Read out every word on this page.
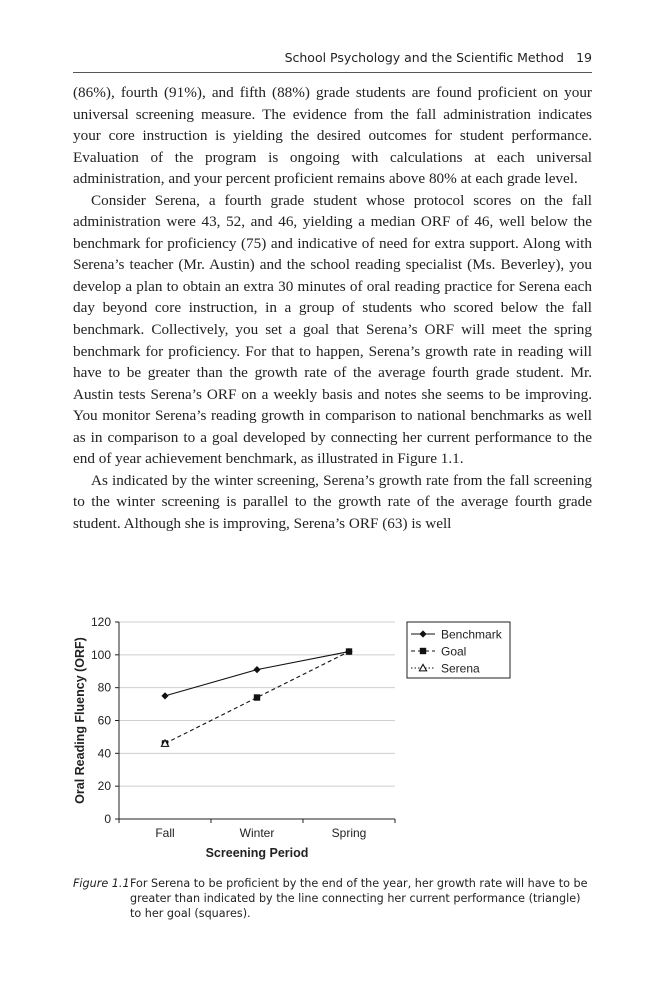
School Psychology and the Scientific Method 19

(86%), fourth (91%), and fifth (88%) grade students are found proficient on your universal screening measure. The evidence from the fall administration indicates your core instruction is yielding the desired outcomes for student performance. Evaluation of the program is ongoing with calculations at each universal administration, and your percent proficient remains above 80% at each grade level.

Consider Serena, a fourth grade student whose protocol scores on the fall administration were 43, 52, and 46, yielding a median ORF of 46, well below the benchmark for proficiency (75) and indicative of need for extra support. Along with Serena’s teacher (Mr. Austin) and the school reading specialist (Ms. Beverley), you develop a plan to obtain an extra 30 minutes of oral reading practice for Serena each day beyond core instruction, in a group of students who scored below the fall benchmark. Collectively, you set a goal that Serena’s ORF will meet the spring benchmark for proficiency. For that to happen, Serena’s growth rate in reading will have to be greater than the growth rate of the average fourth grade student. Mr. Austin tests Serena’s ORF on a weekly basis and notes she seems to be improving. You monitor Serena’s reading growth in comparison to national benchmarks as well as in comparison to a goal developed by connecting her current performance to the end of year achievement benchmark, as illustrated in Figure 1.1.

As indicated by the winter screening, Serena’s growth rate from the fall screening to the winter screening is parallel to the growth rate of the average fourth grade student. Although she is improving, Serena’s ORF (63) is well

0
20
40
60
80
100
120
Fall	Winter	Spring
Screening Period
Oral Reading Fluency (ORF)
Benchmark
Goal
Serena
Figure 1.1 For Serena to be proficient by the end of the year, her growth rate will have to be greater than indicated by the line connecting her current performance (triangle) to her goal (squares).
